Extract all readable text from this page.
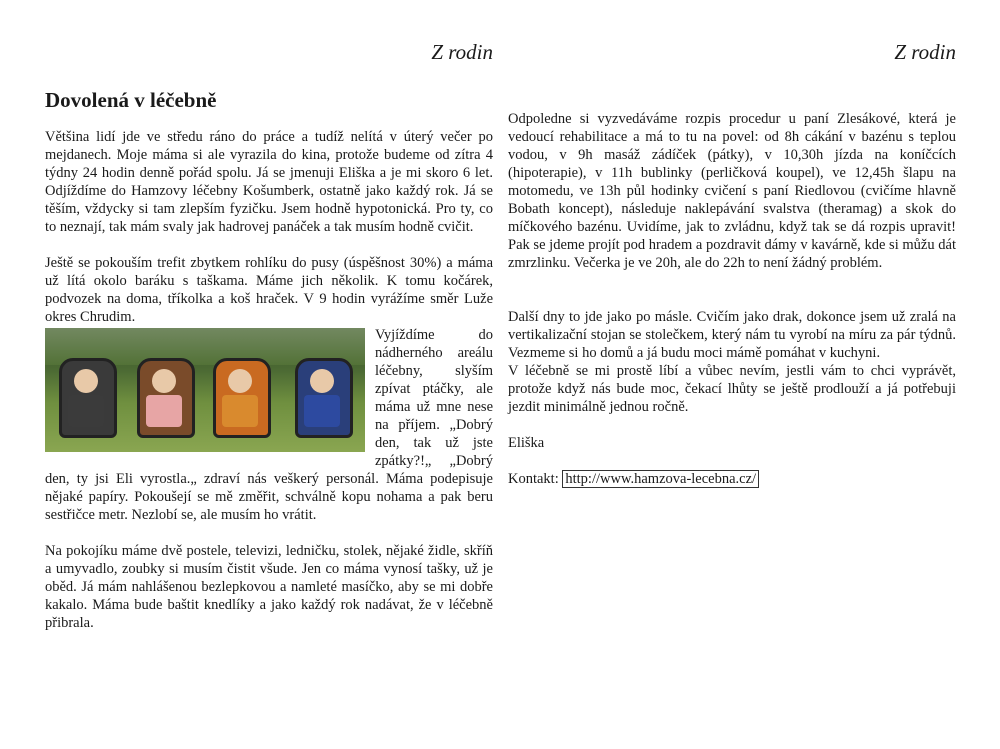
Z rodin
Dovolená v léčebně

Většina lidí jde ve středu ráno do práce a tudíž nelítá v úterý večer po mejdanech. Moje máma si ale vyrazila do kina, protože budeme od zítra 4 týdny 24 hodin denně pořád spolu. Já se jmenuji Eliška a je mi skoro 6 let. Odjíždíme do Hamzovy léčebny Košumberk, ostatně jako každý rok. Já se těším, vždycky si tam zlepším fyzičku. Jsem hodně hypotonická. Pro ty, co to neznají, tak mám svaly jak hadrovej panáček a tak musím hodně cvičit.

Ještě se pokouším trefit zbytkem rohlíku do pusy (úspěšnost 30%) a máma už lítá okolo baráku s taškama. Máme jich několik. K tomu kočárek, podvozek na doma, tříkolka a koš hraček. V 9 hodin vyrážíme směr Luže okres Chrudim.

Vyjíždíme do nádherného areálu léčebny, slyším zpívat ptáčky, ale máma už mne nese na příjem. „Dobrý den, tak už jste zpátky?!„ „Dobrý den, ty jsi Eli vyrostla.„ zdraví nás veškerý personál. Máma podepisuje nějaké papíry. Pokoušejí se mě změřit, schválně kopu nohama a pak beru sestřičce metr. Nezlobí se, ale musím ho vrátit.

Na pokojíku máme dvě postele, televizi, ledničku, stolek, nějaké židle, skříň a umyvadlo, zoubky si musím čistit všude. Jen co máma vynosí tašky, už je oběd. Já mám nahlášenou bezlepkovou a namleté masíčko, aby se mi dobře kakalo. Máma bude baštit knedlíky a jako každý rok nadávat, že v léčebně přibrala.

Z rodin

Odpoledne si vyzvedáváme rozpis procedur u paní Zlesákové, která je vedoucí rehabilitace a má to tu na povel: od 8h cákání v bazénu s teplou vodou, v 9h masáž zádíček (pátky), v 10,30h jízda na koníčcích (hipoterapie), v 11h bublinky (perličková koupel), ve 12,45h šlapu na motomedu, ve 13h půl hodinky cvičení s paní Riedlovou (cvičíme hlavně Bobath koncept), následuje naklepávání svalstva (theramag) a skok do míčkového bazénu. Uvidíme, jak to zvládnu, když tak se dá rozpis upravit! Pak se jdeme projít pod hradem a pozdravit dámy v kavárně, kde si můžu dát zmrzlinku. Večerka je ve 20h, ale do 22h to není žádný problém.

Další dny to jde jako po másle. Cvičím jako drak, dokonce jsem už zralá na vertikalizační stojan se stolečkem, který nám tu vyrobí na míru za pár týdnů. Vezmeme si ho domů a já budu moci mámě pomáhat v kuchyni.

V léčebně se mi prostě líbí a vůbec nevím, jestli vám to chci vyprávět, protože když nás bude moc, čekací lhůty se ještě prodlouží a já potřebuji jezdit minimálně jednou ročně.

Eliška

Kontakt: http://www.hamzova-lecebna.cz/
